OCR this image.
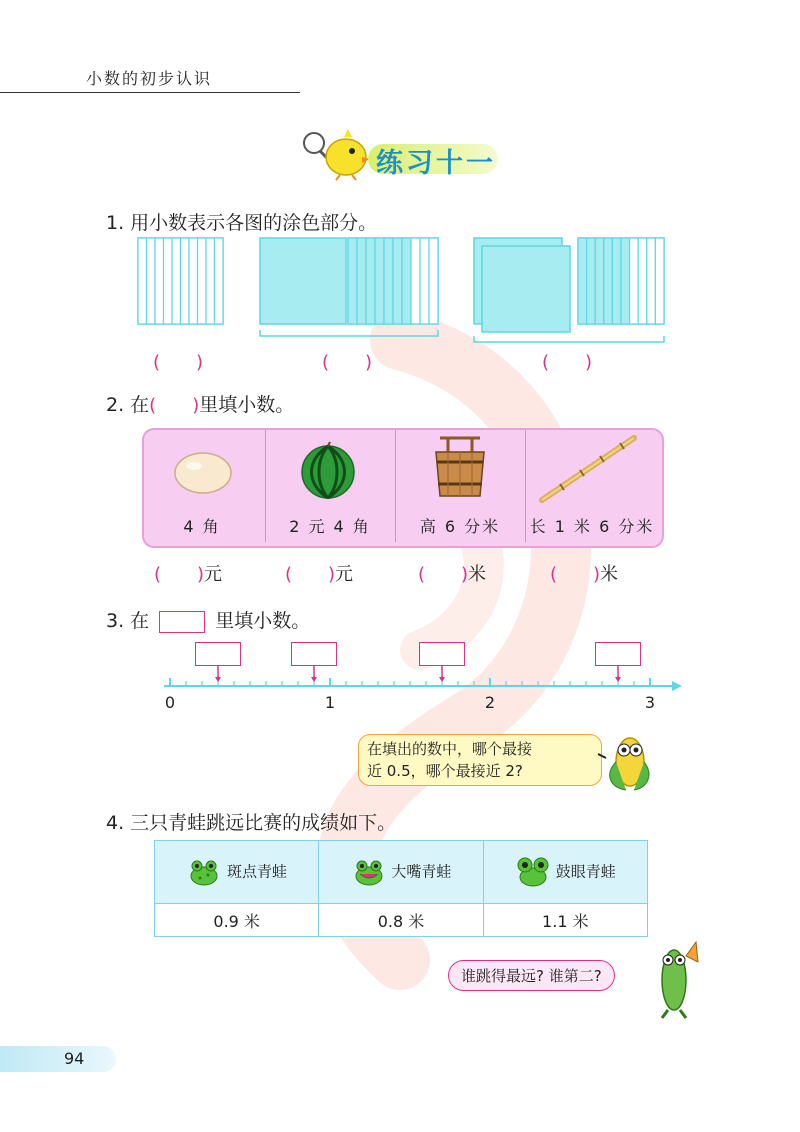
小数的初步认识
练习十一
1. 用小数表示各图的涂色部分。
(　　)	(　　)	(　　)
2. 在(　　)里填小数。
4 角	2 元 4 角	高 6 分米	长 1 米 6 分米
(　　)元	(　　)元	(　　)米	(　　)米
3. 在	里填小数。
0	1	2	3
在填出的数中，哪个最接
近 0.5，哪个最接近 2?
4. 三只青蛙跳远比赛的成绩如下。
斑点青蛙	大嘴青蛙	鼓眼青蛙
0.9 米	0.8 米	1.1 米
谁跳得最远? 谁第二?
94
